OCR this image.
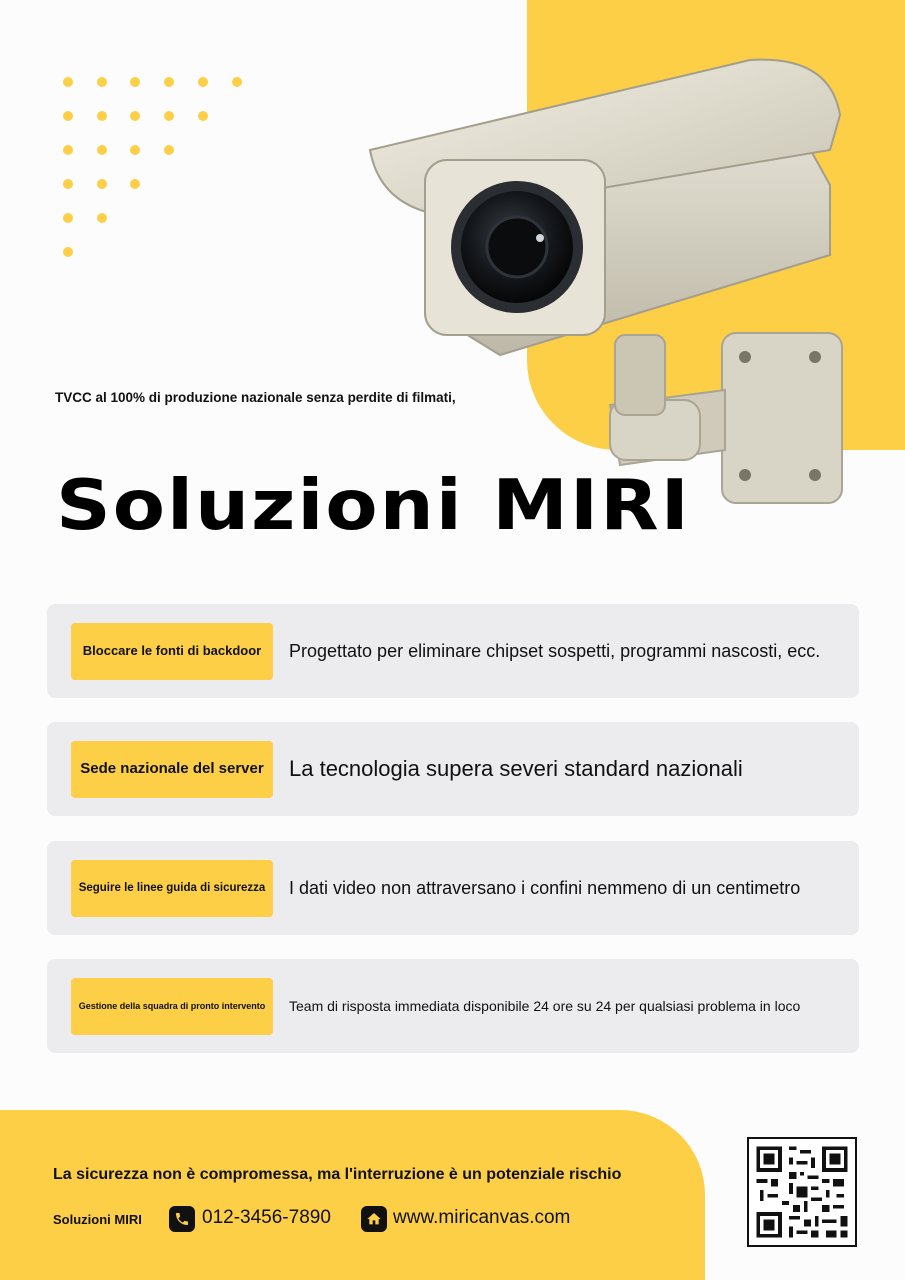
TVCC al 100% di produzione nazionale senza perdite di filmati,
Soluzioni MIRI
Bloccare le fonti di backdoor	Progettato per eliminare chipset sospetti, programmi nascosti, ecc.
Sede nazionale del server	La tecnologia supera severi standard nazionali
Seguire le linee guida di sicurezza	I dati video non attraversano i confini nemmeno di un centimetro
Gestione della squadra di pronto intervento	Team di risposta immediata disponibile 24 ore su 24 per qualsiasi problema in loco
La sicurezza non è compromessa, ma l'interruzione è un potenziale rischio
Soluzioni MIRI	012-3456-7890	www.miricanvas.com
